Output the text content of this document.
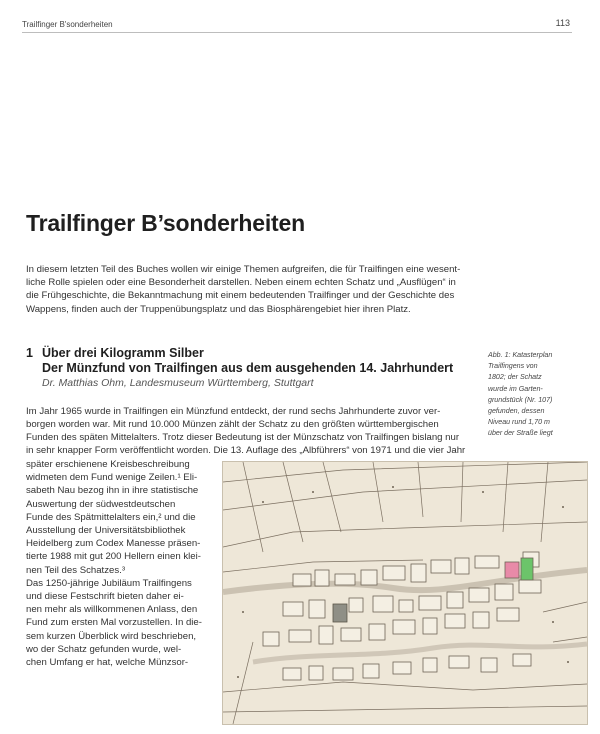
Trailfinger B'sonderheiten	113
Trailfinger B’sonderheiten

In diesem letzten Teil des Buches wollen wir einige Themen aufgreifen, die für Trailfingen eine wesent-
liche Rolle spielen oder eine Besonderheit darstellen. Neben einem echten Schatz und „Ausflügen“ in
die Frühgeschichte, die Bekanntmachung mit einem bedeutenden Trailfinger und der Geschichte des
Wappens, finden auch der Truppenübungsplatz und das Biosphärengebiet hier ihren Platz.

1 Über drei Kilogramm Silber
Der Münzfund von Trailfingen aus dem ausgehenden 14. Jahrhundert
Dr. Matthias Ohm, Landesmuseum Württemberg, Stuttgart
Abb. 1: Katasterplan
Trailfingens von
1802; der Schatz
wurde im Garten-
grundstück (Nr. 107)
gefunden, dessen
Niveau rund 1,70 m
über der Straße liegt

Im Jahr 1965 wurde in Trailfingen ein Münzfund entdeckt, der rund sechs Jahrhunderte zuvor ver-
borgen worden war. Mit rund 10.000 Münzen zählt der Schatz zu den größten württembergischen
Funden des späten Mittelalters. Trotz dieser Bedeutung ist der Münzschatz von Trailfingen bislang nur

in sehr knapper Form veröffentlicht worden. Die 13. Auflage des „Albführers“ von 1971 und die vier Jahr

später erschienene Kreisbeschreibung
widmeten dem Fund wenige Zeilen.¹ Eli-
sabeth Nau bezog ihn in ihre statistische
Auswertung der südwestdeutschen
Funde des Spätmittelalters ein,² und die
Ausstellung der Universitätsbibliothek
Heidelberg zum Codex Manesse präsen-
tierte 1988 mit gut 200 Hellern einen klei-
nen Teil des Schatzes.³
Das 1250-jährige Jubiläum Trailfingens
und diese Festschrift bieten daher ei-
nen mehr als willkommenen Anlass, den
Fund zum ersten Mal vorzustellen. In die-
sem kurzen Überblick wird beschrieben,
wo der Schatz gefunden wurde, wel-
chen Umfang er hat, welche Münzsor-
